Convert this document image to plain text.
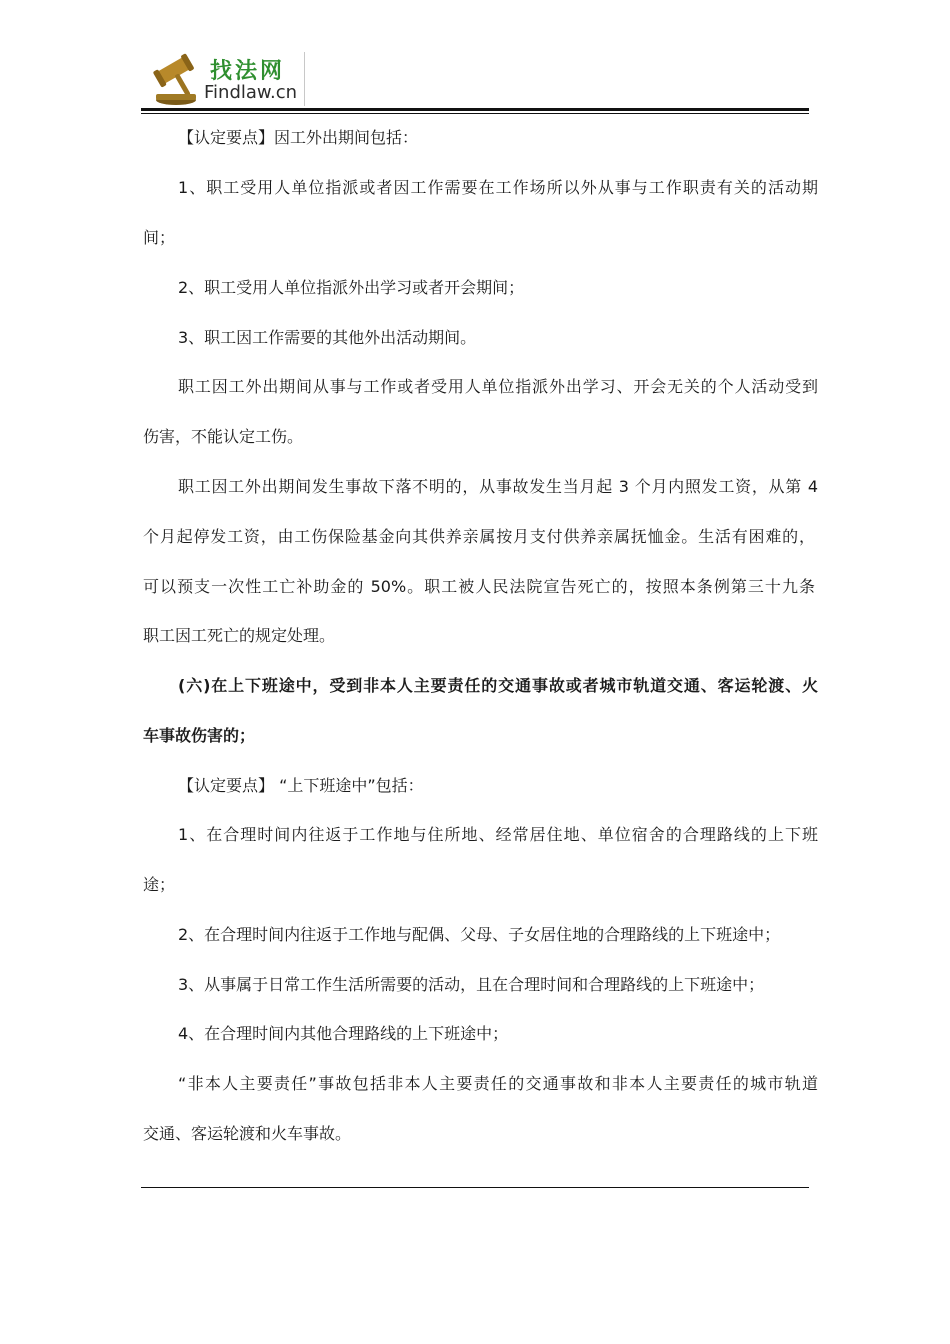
找法网
Findlaw.cn
【认定要点】因工外出期间包括：
1、职工受用人单位指派或者因工作需要在工作场所以外从事与工作职责有关的活动期
间；
2、职工受用人单位指派外出学习或者开会期间；
3、职工因工作需要的其他外出活动期间。
职工因工外出期间从事与工作或者受用人单位指派外出学习、开会无关的个人活动受到
伤害，不能认定工伤。
职工因工外出期间发生事故下落不明的，从事故发生当月起 3 个月内照发工资，从第 4
个月起停发工资，由工伤保险基金向其供养亲属按月支付供养亲属抚恤金。生活有困难的，
可以预支一次性工亡补助金的 50%。职工被人民法院宣告死亡的，按照本条例第三十九条
职工因工死亡的规定处理。
(六)在上下班途中，受到非本人主要责任的交通事故或者城市轨道交通、客运轮渡、火
车事故伤害的；
【认定要点】 “上下班途中”包括：
1、在合理时间内往返于工作地与住所地、经常居住地、单位宿舍的合理路线的上下班
途；
2、在合理时间内往返于工作地与配偶、父母、子女居住地的合理路线的上下班途中；
3、从事属于日常工作生活所需要的活动，且在合理时间和合理路线的上下班途中；
4、在合理时间内其他合理路线的上下班途中；
“非本人主要责任”事故包括非本人主要责任的交通事故和非本人主要责任的城市轨道
交通、客运轮渡和火车事故。
